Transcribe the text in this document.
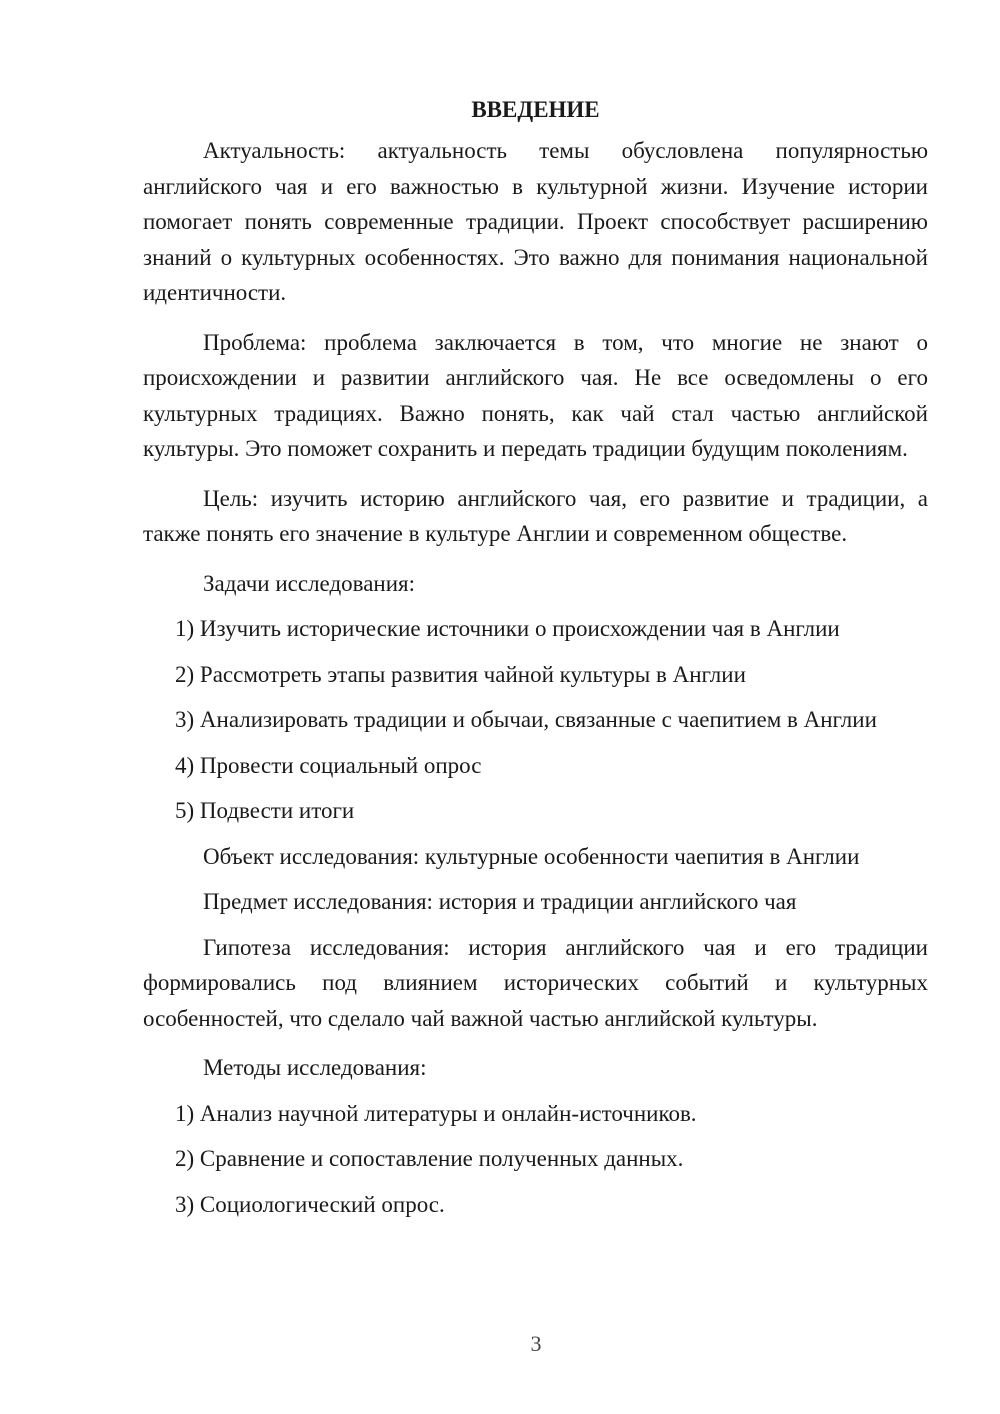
ВВЕДЕНИЕ

Актуальность: актуальность темы обусловлена популярностью английского чая и его важностью в культурной жизни. Изучение истории помогает понять современные традиции. Проект способствует расширению знаний о культурных особенностях. Это важно для понимания национальной идентичности.

Проблема: проблема заключается в том, что многие не знают о происхождении и развитии английского чая. Не все осведомлены о его культурных традициях. Важно понять, как чай стал частью английской культуры. Это поможет сохранить и передать традиции будущим поколениям.

Цель: изучить историю английского чая, его развитие и традиции, а также понять его значение в культуре Англии и современном обществе.

Задачи исследования:

1) Изучить исторические источники о происхождении чая в Англии

2) Рассмотреть этапы развития чайной культуры в Англии

3) Анализировать традиции и обычаи, связанные с чаепитием в Англии

4) Провести социальный опрос

5) Подвести итоги

Объект исследования: культурные особенности чаепития в Англии

Предмет исследования: история и традиции английского чая

Гипотеза исследования: история английского чая и его традиции формировались под влиянием исторических событий и культурных особенностей, что сделало чай важной частью английской культуры.

Методы исследования:

1) Анализ научной литературы и онлайн-источников.

2) Сравнение и сопоставление полученных данных.

3) Социологический опрос.

3
